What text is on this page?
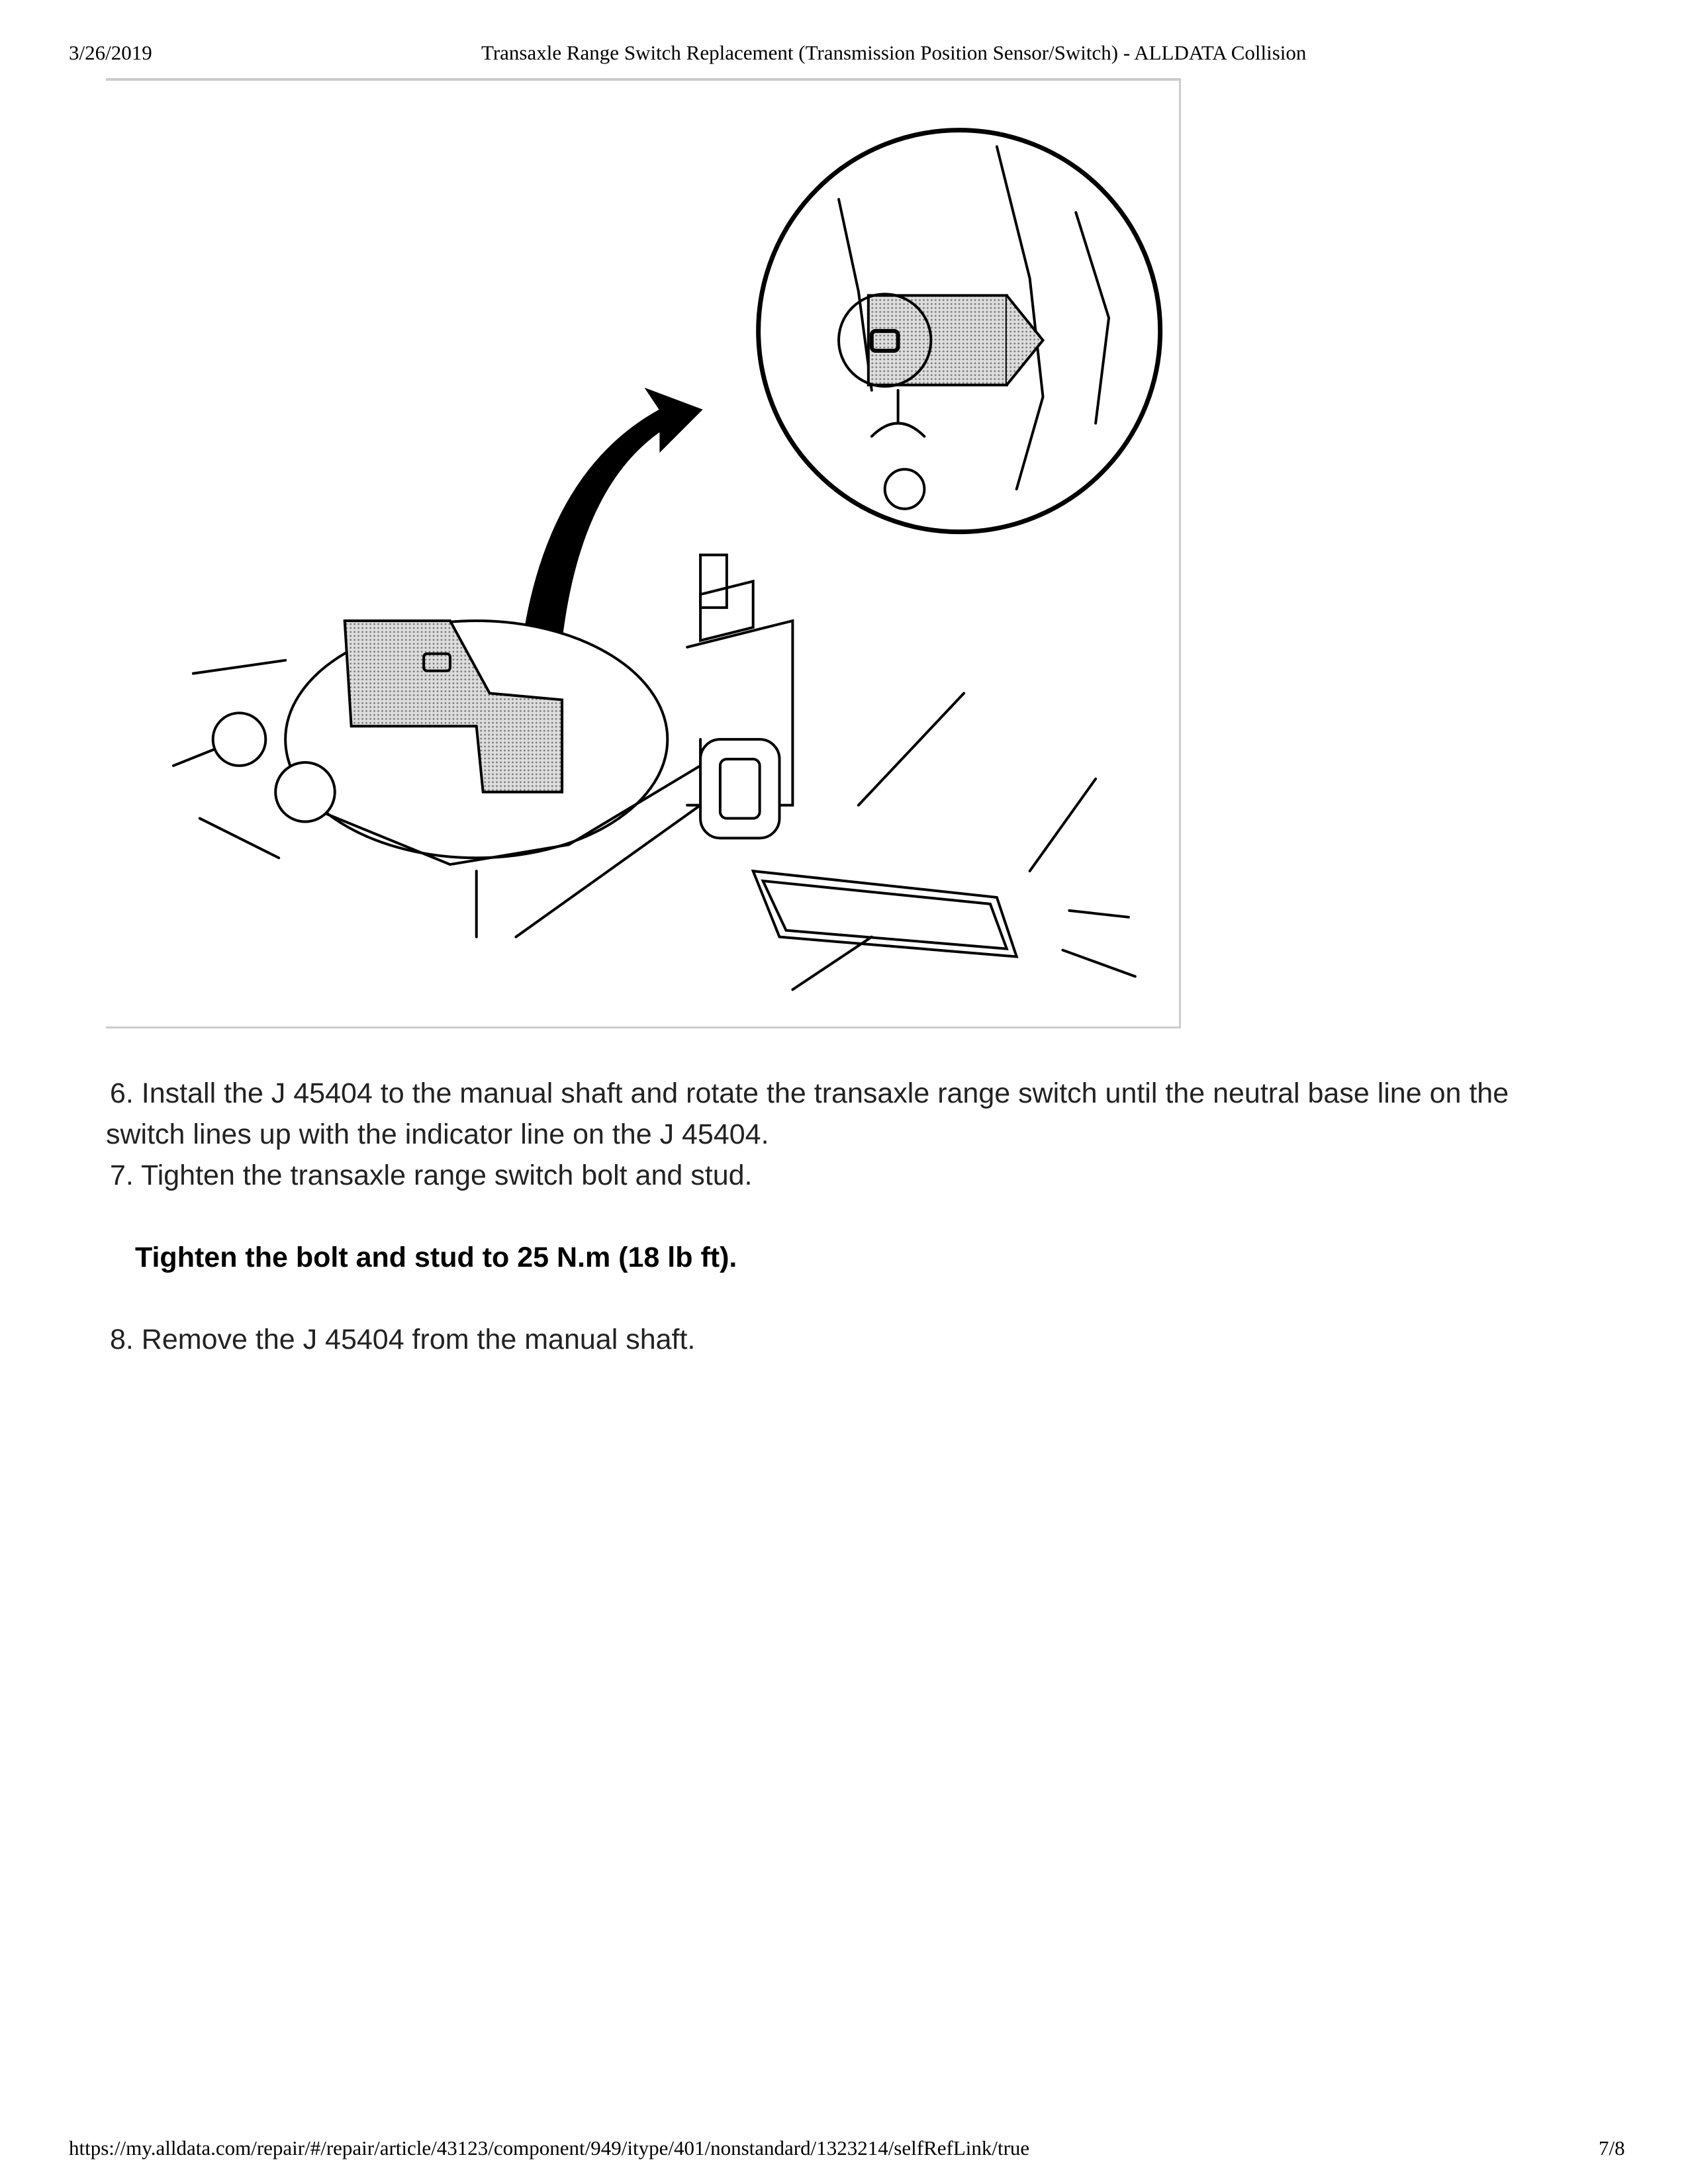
3/26/2019	Transaxle Range Switch Replacement (Transmission Position Sensor/Switch) - ALLDATA Collision
6. Install the J 45404 to the manual shaft and rotate the transaxle range switch until the neutral base line on the
switch lines up with the indicator line on the J 45404.
7. Tighten the transaxle range switch bolt and stud.
Tighten the bolt and stud to 25 N.m (18 lb ft).
8. Remove the J 45404 from the manual shaft.
https://my.alldata.com/repair/#/repair/article/43123/component/949/itype/401/nonstandard/1323214/selfRefLink/true	7/8
